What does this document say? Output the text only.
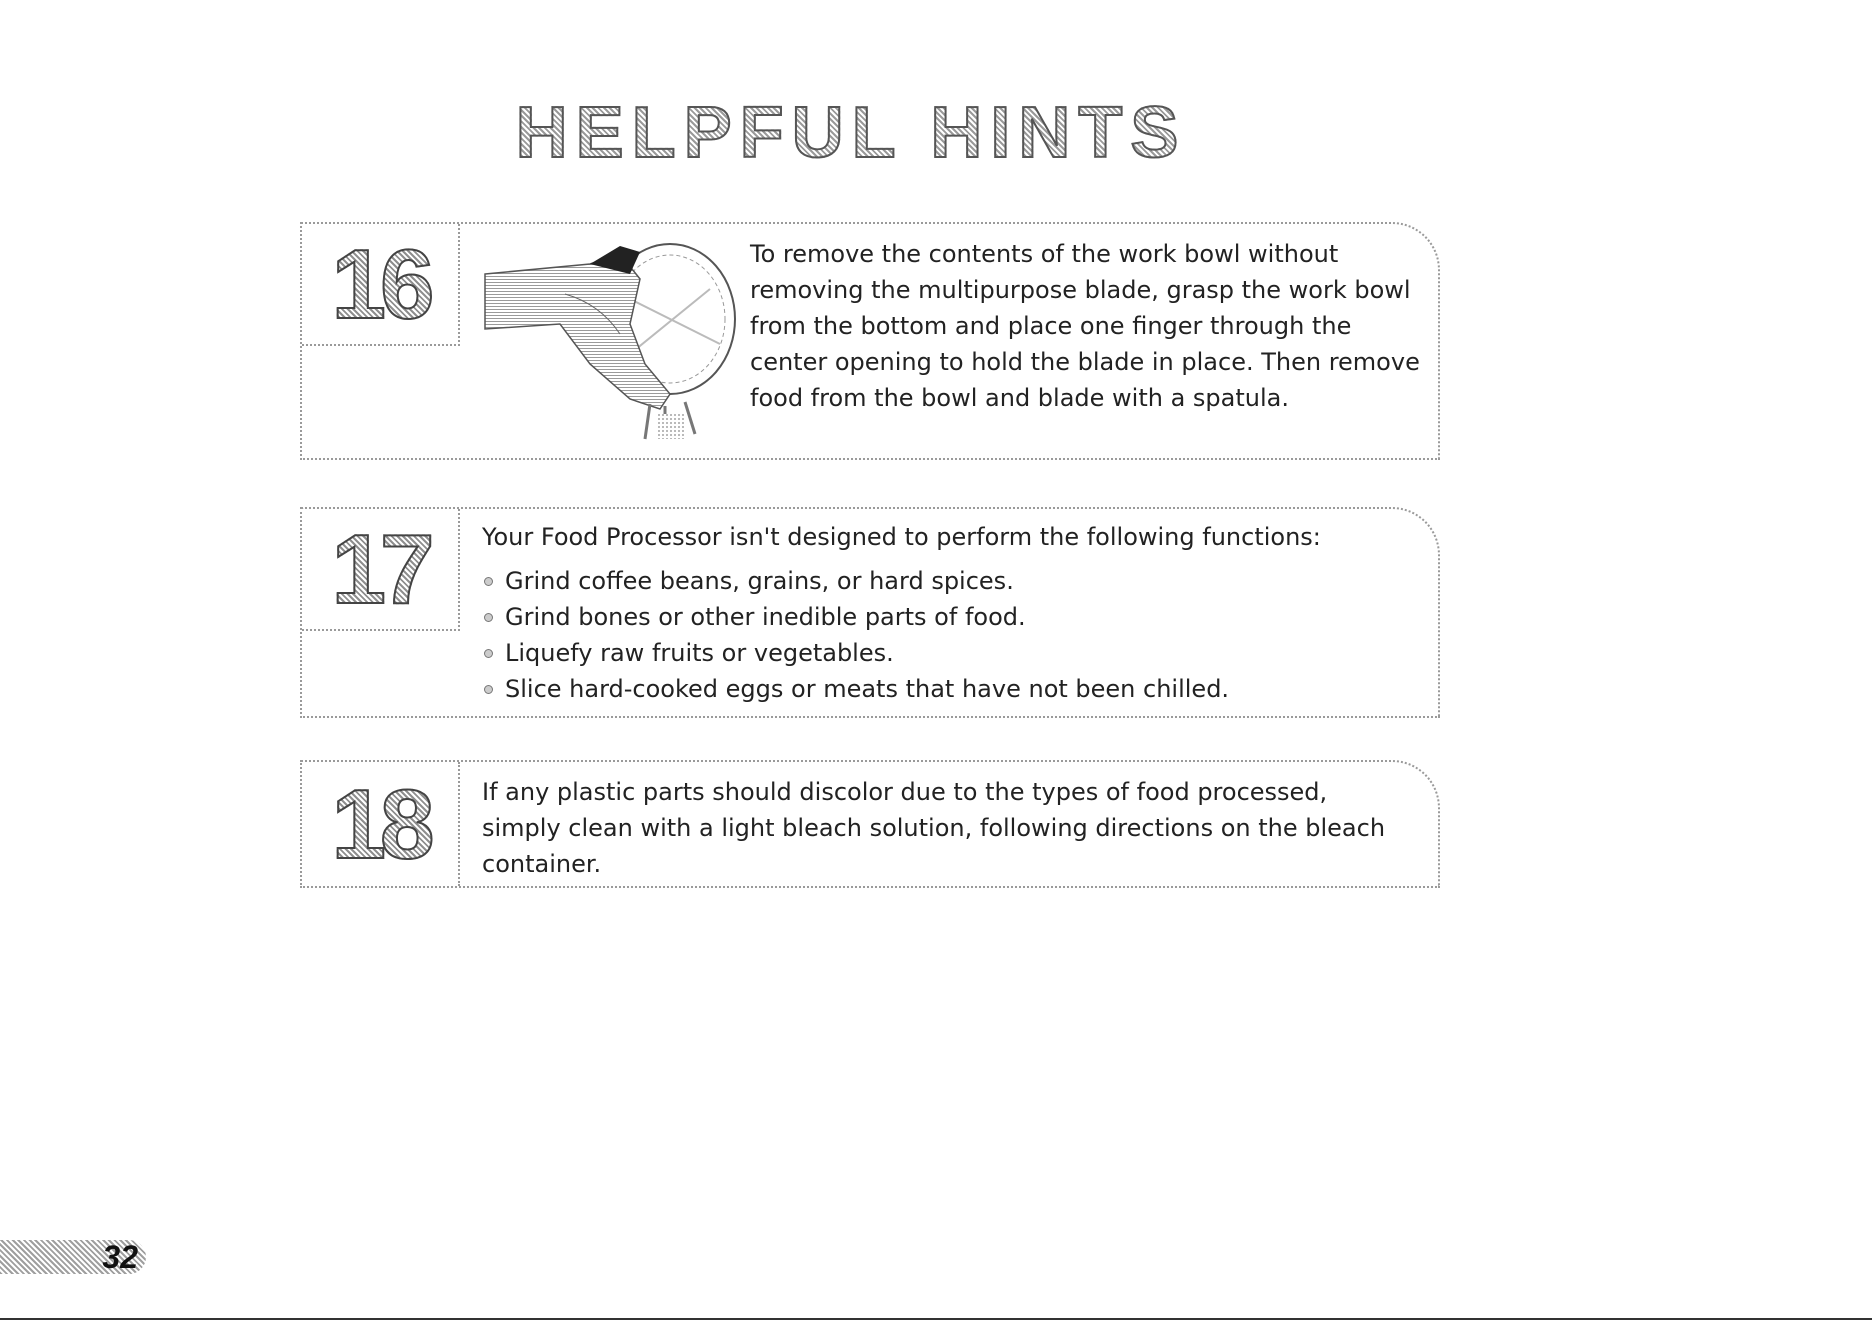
HELPFUL HINTS
16	To remove the contents of the work bowl without removing the multipurpose blade, grasp the work bowl from the bottom and place one finger through the center opening to hold the blade in place. Then remove food from the bowl and blade with a spatula.

17	Your Food Processor isn't designed to perform the following functions:

Grind coffee beans, grains, or hard spices.
Grind bones or other inedible parts of food.
Liquefy raw fruits or vegetables.
Slice hard-cooked eggs or meats that have not been chilled.
18	If any plastic parts should discolor due to the types of food processed, simply clean with a light bleach solution, following directions on the bleach container.

32
